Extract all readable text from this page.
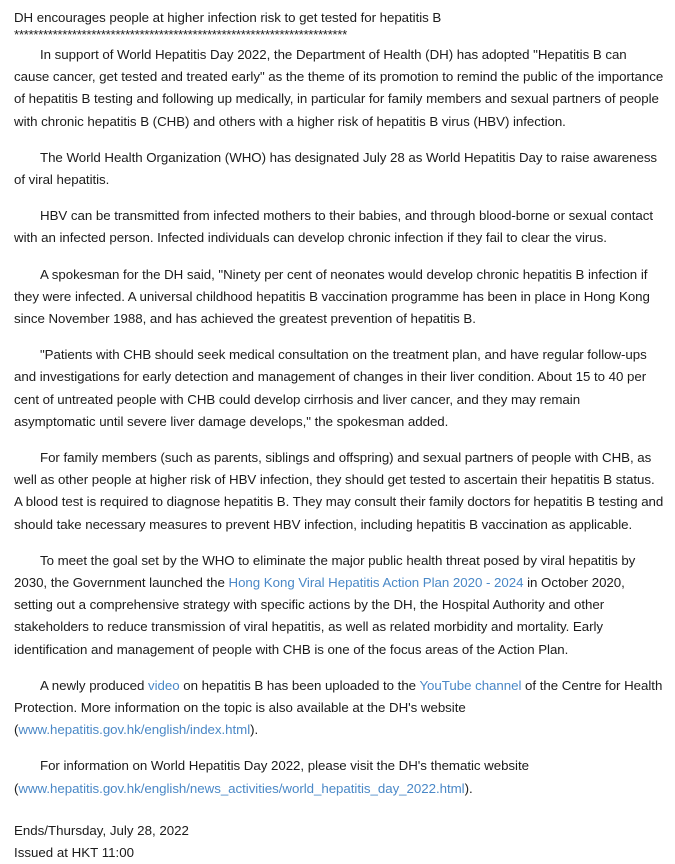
DH encourages people at higher infection risk to get tested for hepatitis B
*********************************************************************

In support of World Hepatitis Day 2022, the Department of Health (DH) has adopted "Hepatitis B can cause cancer, get tested and treated early" as the theme of its promotion to remind the public of the importance of hepatitis B testing and following up medically, in particular for family members and sexual partners of people with chronic hepatitis B (CHB) and others with a higher risk of hepatitis B virus (HBV) infection.

The World Health Organization (WHO) has designated July 28 as World Hepatitis Day to raise awareness of viral hepatitis.

HBV can be transmitted from infected mothers to their babies, and through blood-borne or sexual contact with an infected person. Infected individuals can develop chronic infection if they fail to clear the virus.

A spokesman for the DH said, "Ninety per cent of neonates would develop chronic hepatitis B infection if they were infected. A universal childhood hepatitis B vaccination programme has been in place in Hong Kong since November 1988, and has achieved the greatest prevention of hepatitis B.

"Patients with CHB should seek medical consultation on the treatment plan, and have regular follow-ups and investigations for early detection and management of changes in their liver condition. About 15 to 40 per cent of untreated people with CHB could develop cirrhosis and liver cancer, and they may remain asymptomatic until severe liver damage develops," the spokesman added.

For family members (such as parents, siblings and offspring) and sexual partners of people with CHB, as well as other people at higher risk of HBV infection, they should get tested to ascertain their hepatitis B status. A blood test is required to diagnose hepatitis B. They may consult their family doctors for hepatitis B testing and should take necessary measures to prevent HBV infection, including hepatitis B vaccination as applicable.

To meet the goal set by the WHO to eliminate the major public health threat posed by viral hepatitis by 2030, the Government launched the Hong Kong Viral Hepatitis Action Plan 2020 - 2024 in October 2020, setting out a comprehensive strategy with specific actions by the DH, the Hospital Authority and other stakeholders to reduce transmission of viral hepatitis, as well as related morbidity and mortality. Early identification and management of people with CHB is one of the focus areas of the Action Plan.

A newly produced video on hepatitis B has been uploaded to the YouTube channel of the Centre for Health Protection. More information on the topic is also available at the DH's website (www.hepatitis.gov.hk/english/index.html).

For information on World Hepatitis Day 2022, please visit the DH's thematic website (www.hepatitis.gov.hk/english/news_activities/world_hepatitis_day_2022.html).

Ends/Thursday, July 28, 2022
Issued at HKT 11:00
